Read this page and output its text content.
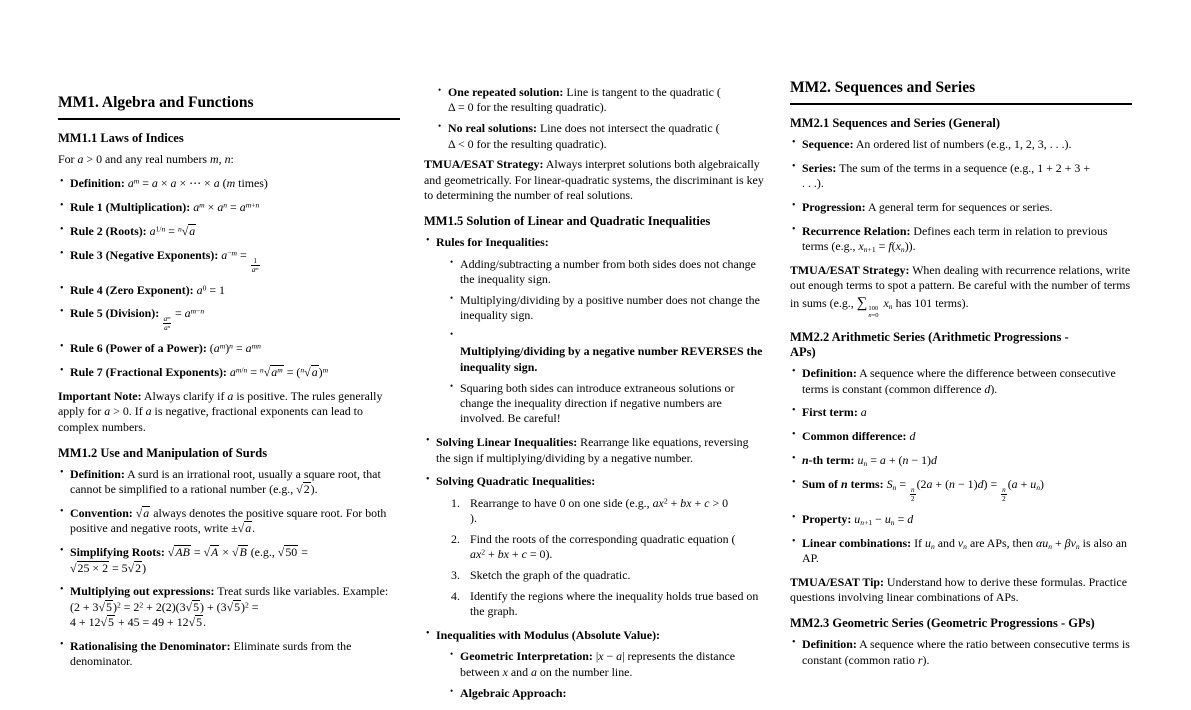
MM1. Algebra and Functions
MM1.1 Laws of Indices
For a > 0 and any real numbers m, n:
• Definition: $a^m = a \times a$ × ⋯ × a (m times)
• Rule 1 (Multiplication): $a^m \times a^n = a^{m+n}$
• Rule 2 (Roots): $a^{1/n} = ^n√a$
• Rule 3 (Negative Exponents): $a^{-m}$ =
$\frac{1}{a^m}$
• Rule 4 (Zero Exponent): $a^0 = 1$
• Rule 5 (Division):
$\frac{a^m}{a^n}$
= $a^{m-n}$
• Rule 6 (Power of a Power): $(a^m)^n = a^{mn}$
• Rule 7 (Fractional Exponents): $a^{m/n} = ^n√a^m = (^n√a)^m$
Important Note: Always clarify if a is positive. The rules generally apply for a > 0. If a is negative, fractional exponents can lead to complex numbers.
MM1.2 Use and Manipulation of Surds
• Definition: A surd is an irrational root, usually a square root, that cannot be simplified to a rational number (e.g., √2).
• Convention: √a always denotes the positive square root. For both positive and negative roots, write ±√a.
• Simplifying Roots: √AB = √A × √B (e.g., √50 =
√25 × 2 = 5√2)
• Multiplying out expressions: Treat surds like variables. Example: $(2 + 3√5)^2 = 2^2 + 2(2)(3√5) + (3√5)^2$ =
4 + 12√5 + 45 = 49 + 12√5.
• Rationalising the Denominator: Eliminate surds from the denominator.
• One repeated solution: Line is tangent to the quadratic (
Δ = 0 for the resulting quadratic).
• No real solutions: Line does not intersect the quadratic (
Δ < 0 for the resulting quadratic).
TMUA/ESAT Strategy: Always interpret solutions both algebraically and geometrically. For linear-quadratic systems, the discriminant is key to determining the number of real solutions.
MM1.5 Solution of Linear and Quadratic Inequalities
• Rules for Inequalities:
• Adding/subtracting a number from both sides does not change the inequality sign.
• Multiplying/dividing by a positive number does not change the inequality sign.
•
Multiplying/dividing by a negative number REVERSES the inequality sign.
• Squaring both sides can introduce extraneous solutions or change the inequality direction if negative numbers are involved. Be careful!
• Solving Linear Inequalities: Rearrange like equations, reversing the sign if multiplying/dividing by a negative number.
• Solving Quadratic Inequalities:
Rearrange to have 0 on one side (e.g., $ax^2$ + bx + c > 0
).
Find the roots of the corresponding quadratic equation (
$ax^2$ + bx + c = 0).
Sketch the graph of the quadratic.
Identify the regions where the inequality holds true based on the graph.
• Inequalities with Modulus (Absolute Value):
• Geometric Interpretation: |x − a| represents the distance between x and a on the number line.
• Algebraic Approach:
MM2. Sequences and Series
MM2.1 Sequences and Series (General)
• Sequence: An ordered list of numbers (e.g., 1, 2, 3, . . .).
• Series: The sum of the terms in a sequence (e.g., 1 + 2 + 3 +
. . .).
• Progression: A general term for sequences or series.
• Recurrence Relation: Defines each term in relation to previous terms (e.g., $x_{n+1} = f(x_n)$).
TMUA/ESAT Strategy: When dealing with recurrence relations, write out enough terms to spot a pattern. Be careful with the number of terms in sums (e.g., ∑ 100
n=0
$x_n$ has 101 terms).
MM2.2 Arithmetic Series (Arithmetic Progressions -
APs)
• Definition: A sequence where the difference between consecutive terms is constant (common difference d).
• First term: a
• Common difference: d
• n-th term: $u_n = a + (n - 1)d$
• Sum of n terms: $S_n$ =
$\frac{n}{2}$
(2a + (n − 1)d) =
$\frac{n}{2}$
$(a + u_n)$
• Property: $u_{n+1} - u_n = d$
• Linear combinations: If $u_n$ and $v_n$ are APs, then $\alpha u_n + \beta v_n$ is also an AP.
TMUA/ESAT Tip: Understand how to derive these formulas. Practice questions involving linear combinations of APs.
MM2.3 Geometric Series (Geometric Progressions - GPs)
• Definition: A sequence where the ratio between consecutive terms is constant (common ratio r).
